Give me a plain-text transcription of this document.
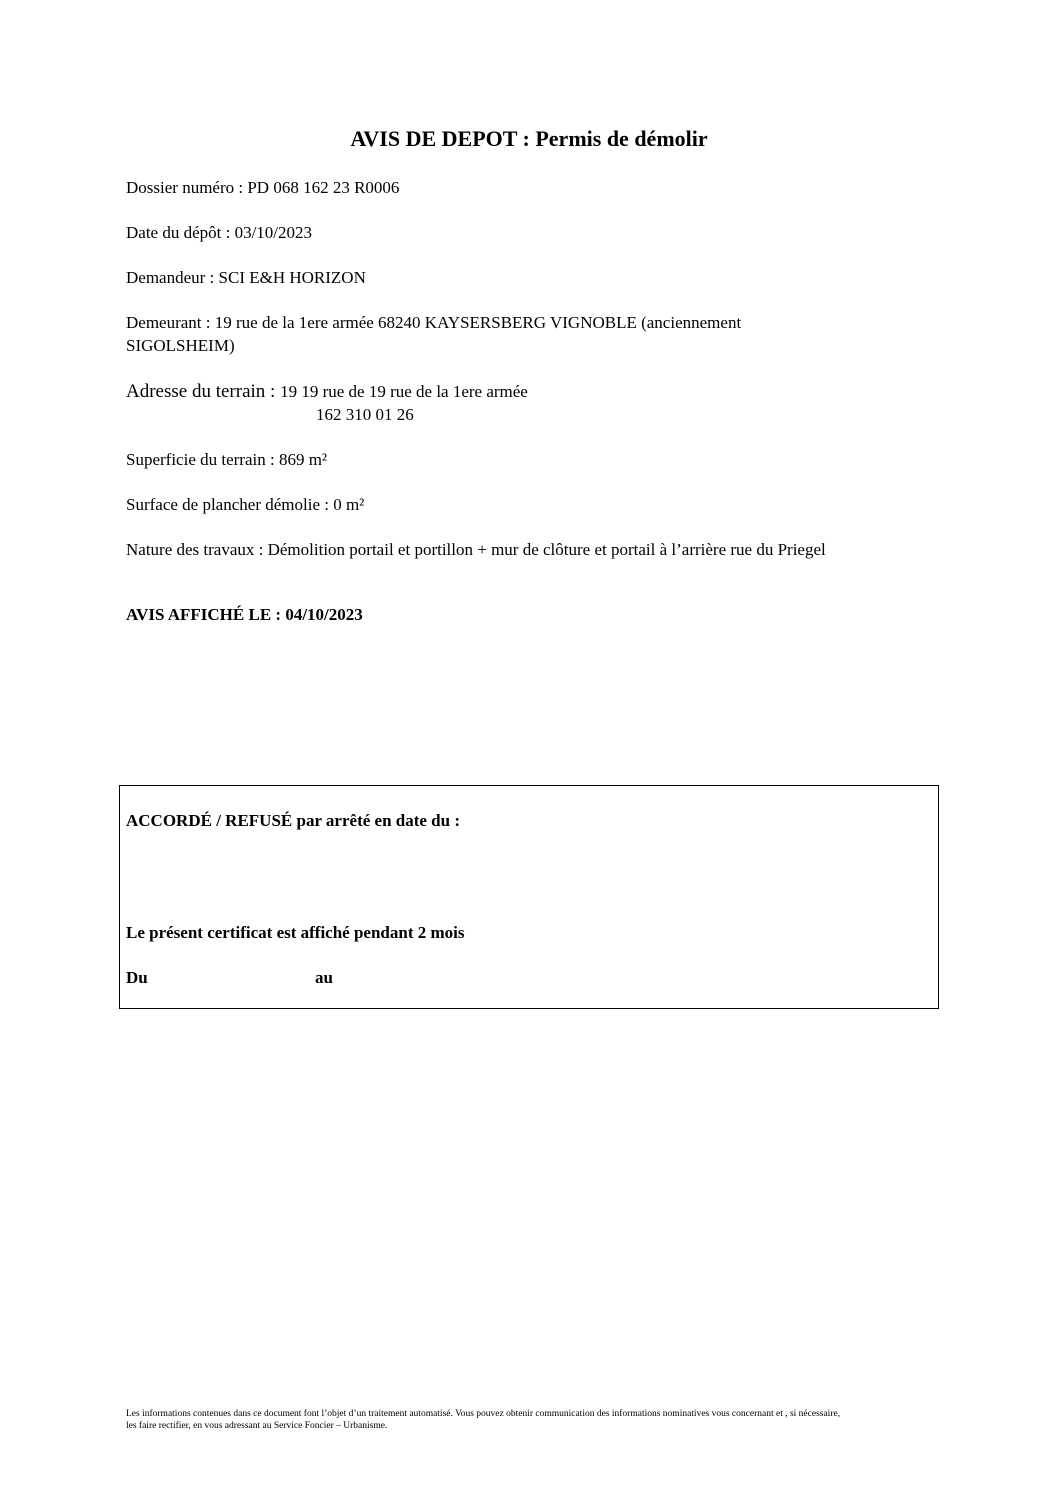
AVIS DE DEPOT : Permis de démolir
Dossier numéro : PD 068 162 23 R0006
Date du dépôt : 03/10/2023
Demandeur : SCI E&H HORIZON
Demeurant : 19 rue de la 1ere armée 68240 KAYSERSBERG VIGNOBLE (anciennement
SIGOLSHEIM)
Adresse du terrain : 19 19 rue de 19 rue de la 1ere armée
162 310 01 26
Superficie du terrain : 869 m²
Surface de plancher démolie : 0 m²
Nature des travaux : Démolition portail et portillon + mur de clôture et portail à l’arrière rue du Priegel
AVIS AFFICHÉ LE : 04/10/2023
ACCORDÉ / REFUSÉ par arrêté en date du :
Le présent certificat est affiché pendant 2 mois
Du	au
Les informations contenues dans ce document font l’objet d’un traitement automatisé. Vous pouvez obtenir communication des informations nominatives vous concernant et , si nécessaire,
les faire rectifier, en vous adressant au Service Foncier – Urbanisme.
